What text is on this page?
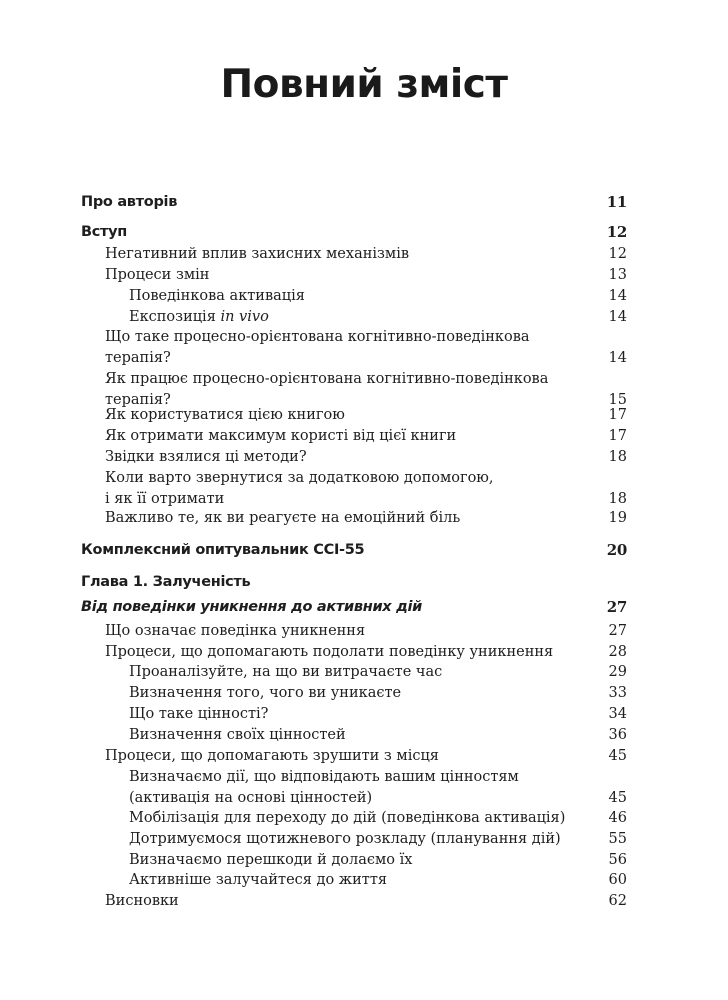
Повний зміст
Про авторів	11
Вступ	12
Негативний вплив захисних механізмів	12
Процеси змін	13
Поведінкова активація	14
Експозиція in vivo	14
Що таке процесно-орієнтована когнітивно-поведінкова
терапія?	14
Як працює процесно-орієнтована когнітивно-поведінкова
терапія?	15
Як користуватися цією книгою	17
Як отримати максимум користі від цієї книги	17
Звідки взялися ці методи?	18
Коли варто звернутися за додатковою допомогою,
і як її отримати	18
Важливо те, як ви реагуєте на емоційний біль	19
Комплексний опитувальник CCI-55	20
Глава 1. Залученість
Від поведінки уникнення до активних дій	27
Що означає поведінка уникнення	27
Процеси, що допомагають подолати поведінку уникнення	28
Проаналізуйте, на що ви витрачаєте час	29
Визначення того, чого ви уникаєте	33
Що таке цінності?	34
Визначення своїх цінностей	36
Процеси, що допомагають зрушити з місця	45
Визначаємо дії, що відповідають вашим цінностям
(активація на основі цінностей)	45
Мобілізація для переходу до дій (поведінкова активація)	46
Дотримуємося щотижневого розкладу (планування дій)	55
Визначаємо перешкоди й долаємо їх	56
Активніше залучайтеся до життя	60
Висновки	62
